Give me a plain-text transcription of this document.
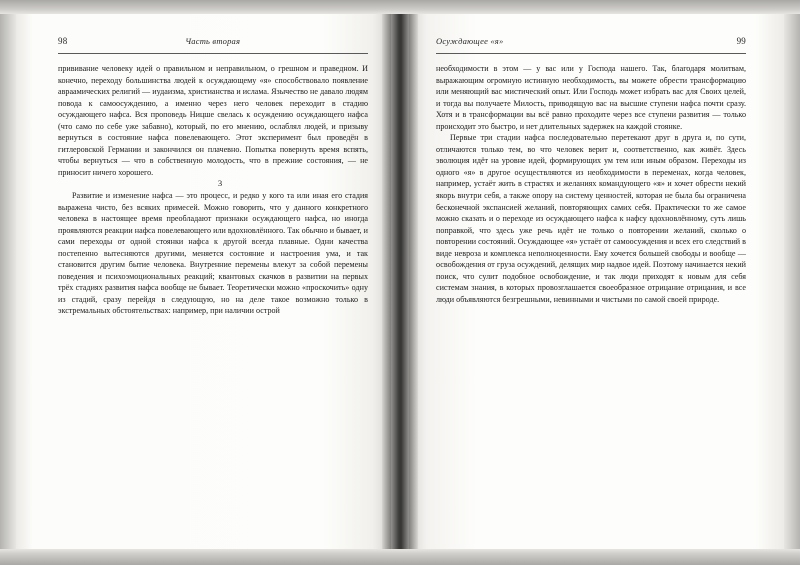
98	Часть вторая

прививание человеку идей о правильном и неправильном, о грешном и праведном. И конечно, переходу большинства людей к осуждающему «я» способствовало появление авраамических религий — иудаизма, христианства и ислама. Язычество не давало людям повода к самоосуждению, а именно через него человек переходит в стадию осуждающего нафса. Вся проповедь Ницше свелась к осуждению осуждающего нафса (что само по себе уже забавно), который, по его мнению, ослаблял людей, и призыву вернуться в состояние нафса повелевающего. Этот эксперимент был проведён в гитлеровской Германии и закончился он плачевно. Попытка повернуть время вспять, чтобы вернуться — что в собственную молодость, что в прежние состояния, — не приносит ничего хорошего.

3

Развитие и изменение нафса — это процесс, и редко у кого та или иная его стадия выражена чисто, без всяких примесей. Можно говорить, что у данного конкретного человека в настоящее время преобладают признаки осуждающего нафса, но иногда проявляются реакции нафса повелевающего или вдохновлённого. Так обычно и бывает, и сами переходы от одной стоянки нафса к другой всегда плавные. Одни качества постепенно вытесняются другими, меняется состояние и настроения ума, и так становится другим бытие человека. Внутренние перемены влекут за собой перемены поведения и психоэмоциональных реакций; квантовых скачков в развитии на первых трёх стадиях развития нафса вообще не бывает. Теоретически можно «проскочить» одну из стадий, сразу перейдя в следующую, но на деле такое возможно только в экстремальных обстоятельствах: например, при наличии острой

Осуждающее «я»	99

необходимости в этом — у вас или у Господа нашего. Так, благодаря молитвам, выражающим огромную истинную необходимость, вы можете обрести трансформацию или меняющий вас мистический опыт. Или Господь может избрать вас для Своих целей, и тогда вы получаете Милость, приводящую вас на высшие ступени нафса почти сразу. Хотя и в трансформации вы всё равно проходите через все ступени развития — только происходит это быстро, и нет длительных задержек на каждой стоянке.

Первые три стадии нафса последовательно перетекают друг в друга и, по сути, отличаются только тем, во что человек верит и, соответственно, как живёт. Здесь эволюция идёт на уровне идей, формирующих ум тем или иным образом. Переходы из одного «я» в другое осуществляются из необходимости в переменах, когда человек, например, устаёт жить в страстях и желаниях командующего «я» и хочет обрести некий якорь внутри себя, а также опору на систему ценностей, которая не была бы ограничена бесконечной экспансией желаний, повторяющих самих себя. Практически то же самое можно сказать и о переходе из осуждающего нафса к нафсу вдохновлённому, суть лишь поправкой, что здесь уже речь идёт не только о повторении желаний, сколько о повторении состояний. Осуждающее «я» устаёт от самоосуждения и всех его следствий в виде невроза и комплекса неполноценности. Ему хочется большей свободы и вообще — освобождения от груза осуждений, делящих мир надвое идей. Поэтому начинается некий поиск, что сулит подобное освобождение, и так люди приходят к новым для себя системам знания, в которых провозглашается своеобразное отрицание отрицания, и все люди объявляются безгрешными, невинными и чистыми по самой своей природе.
